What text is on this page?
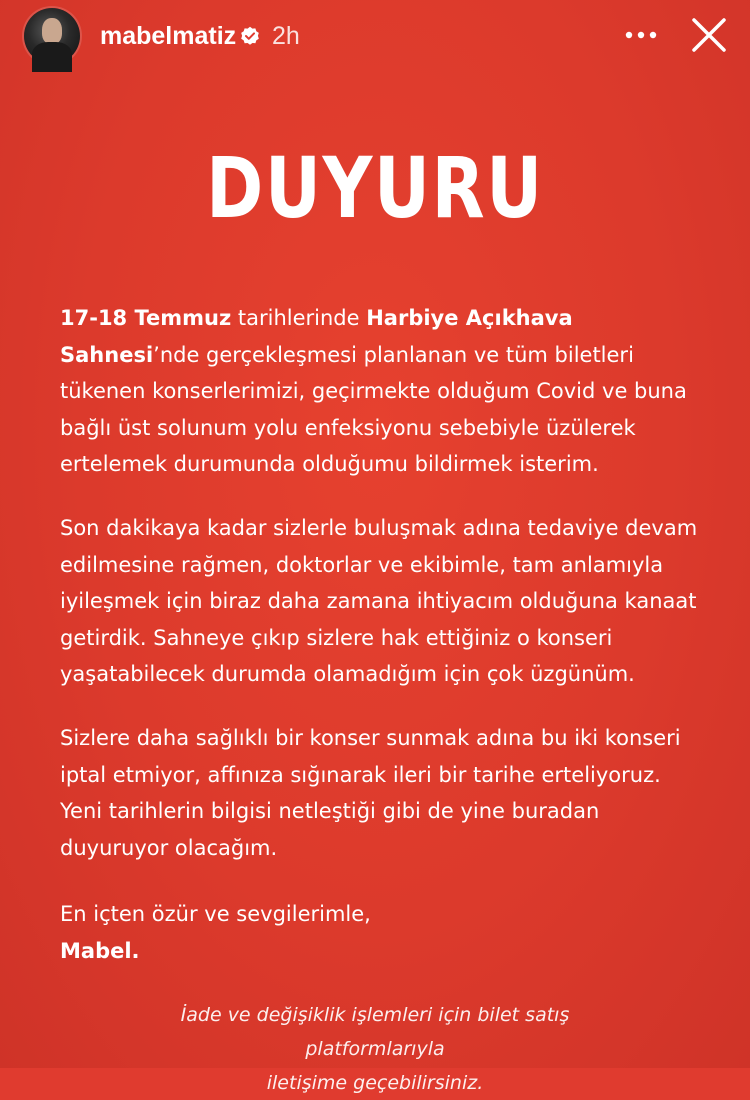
mabelmatiz 2h
DUYURU

17-18 Temmuz tarihlerinde Harbiye Açıkhava Sahnesi’nde gerçekleşmesi planlanan ve tüm biletleri tükenen konserlerimizi, geçirmekte olduğum Covid ve buna bağlı üst solunum yolu enfeksiyonu sebebiyle üzülerek ertelemek durumunda olduğumu bildirmek isterim.

Son dakikaya kadar sizlerle buluşmak adına tedaviye devam edilmesine rağmen, doktorlar ve ekibimle, tam anlamıyla iyileşmek için biraz daha zamana ihtiyacım olduğuna kanaat getirdik. Sahneye çıkıp sizlere hak ettiğiniz o konseri yaşatabilecek durumda olamadığım için çok üzgünüm.

Sizlere daha sağlıklı bir konser sunmak adına bu iki konseri iptal etmiyor, affınıza sığınarak ileri bir tarihe erteliyoruz. Yeni tarihlerin bilgisi netleştiği gibi de yine buradan duyuruyor olacağım.

En içten özür ve sevgilerimle,
Mabel.

İade ve değişiklik işlemleri için bilet satış platformlarıyla
iletişime geçebilirsiniz.
